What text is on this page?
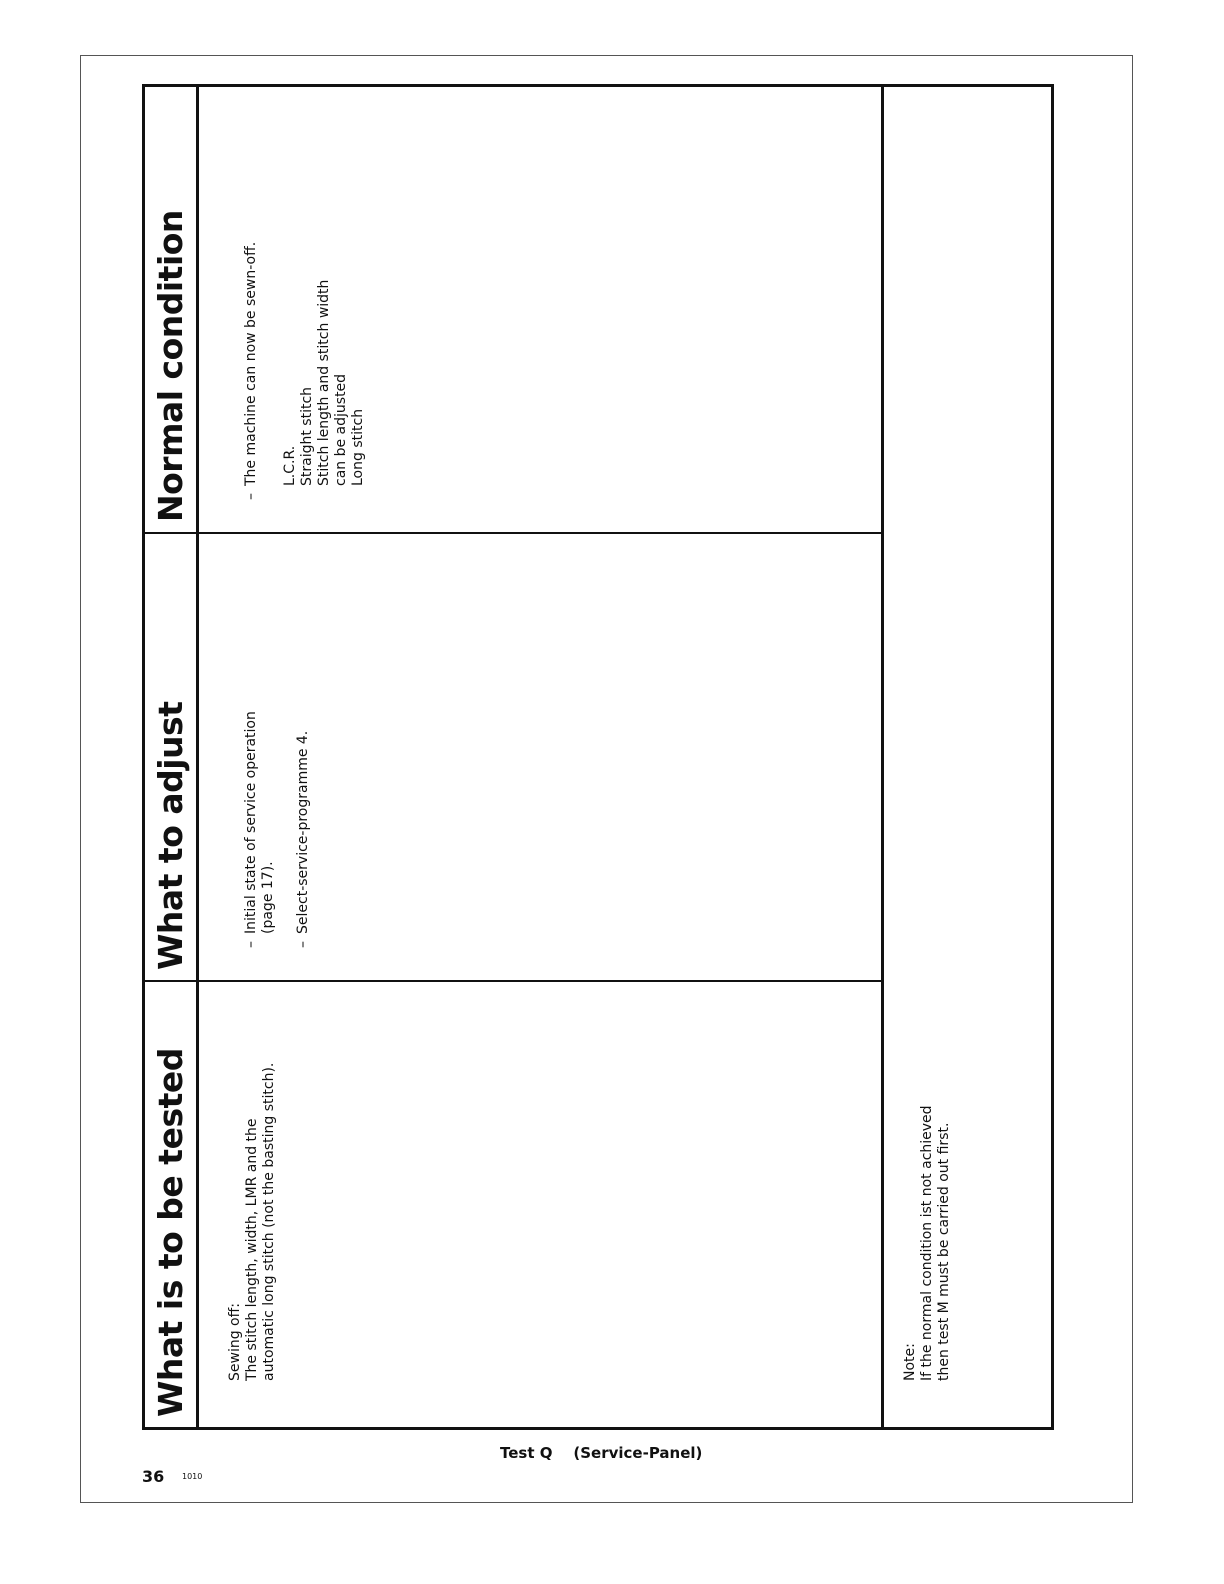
What is to be tested
What to adjust
Normal condition
Sewing off: The stitch length, width, LMR and the automatic long stitch (not the basting stitch).
– Initial state of service operation (page 17).
– Select-service-programme 4.
– The machine can now be sewn-off. L.C.R. Straight stitch Stitch length and stitch width can be adjusted Long stitch
Note: If the normal condition ist not achieved then test M must be carried out first.
Test Q    (Service-Panel)
36 1010
